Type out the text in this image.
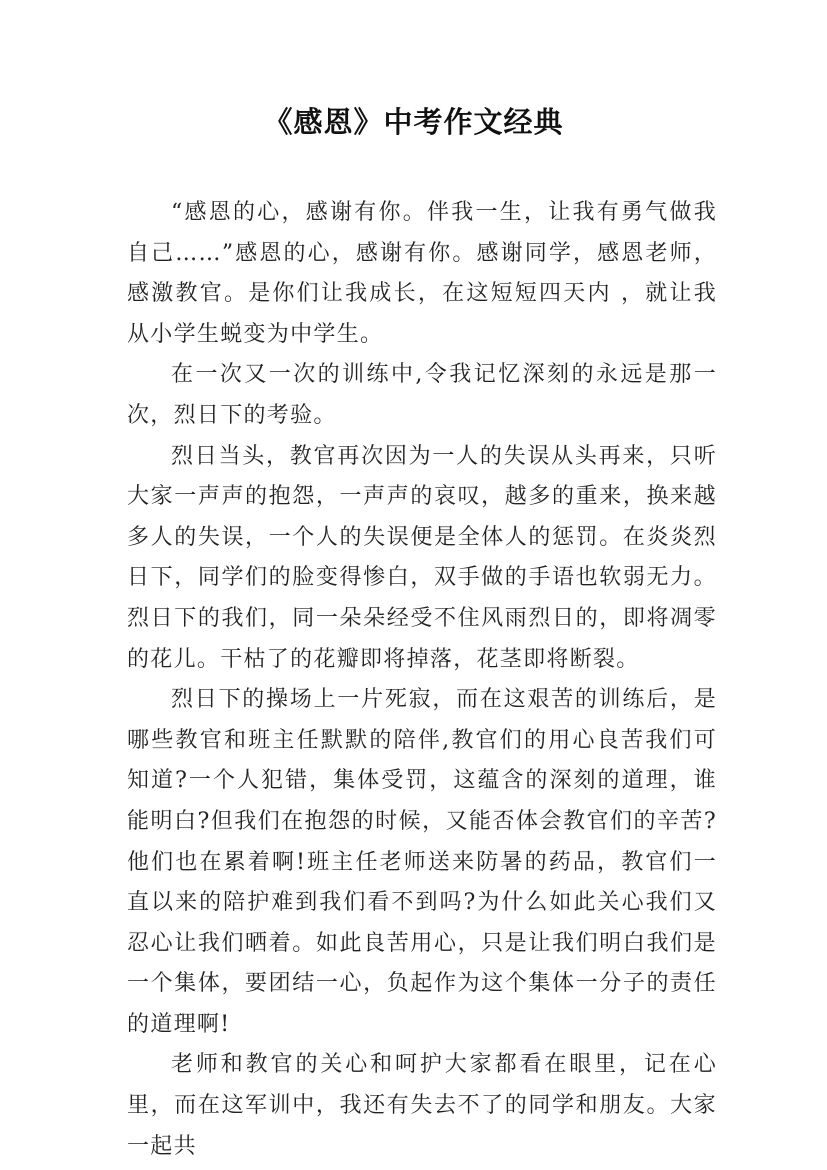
《感恩》中考作文经典

“感恩的心，感谢有你。伴我一生，让我有勇气做我自己……”感恩的心，感谢有你。感谢同学，感恩老师，感激教官。是你们让我成长，在这短短四天内 ，就让我从小学生蜕变为中学生。

在一次又一次的训练中,令我记忆深刻的永远是那一次，烈日下的考验。

烈日当头，教官再次因为一人的失误从头再来，只听大家一声声的抱怨，一声声的哀叹，越多的重来，换来越多人的失误，一个人的失误便是全体人的惩罚。在炎炎烈日下，同学们的脸变得惨白，双手做的手语也软弱无力。烈日下的我们，同一朵朵经受不住风雨烈日的，即将凋零的花儿。干枯了的花瓣即将掉落，花茎即将断裂。

烈日下的操场上一片死寂，而在这艰苦的训练后，是哪些教官和班主任默默的陪伴,教官们的用心良苦我们可知道?一个人犯错，集体受罚，这蕴含的深刻的道理，谁能明白?但我们在抱怨的时候，又能否体会教官们的辛苦?他们也在累着啊!班主任老师送来防暑的药品，教官们一直以来的陪护难到我们看不到吗?为什么如此关心我们又忍心让我们晒着。如此良苦用心，只是让我们明白我们是一个集体，要团结一心，负起作为这个集体一分子的责任的道理啊!

老师和教官的关心和呵护大家都看在眼里，记在心里，而在这军训中，我还有失去不了的同学和朋友。大家一起共
